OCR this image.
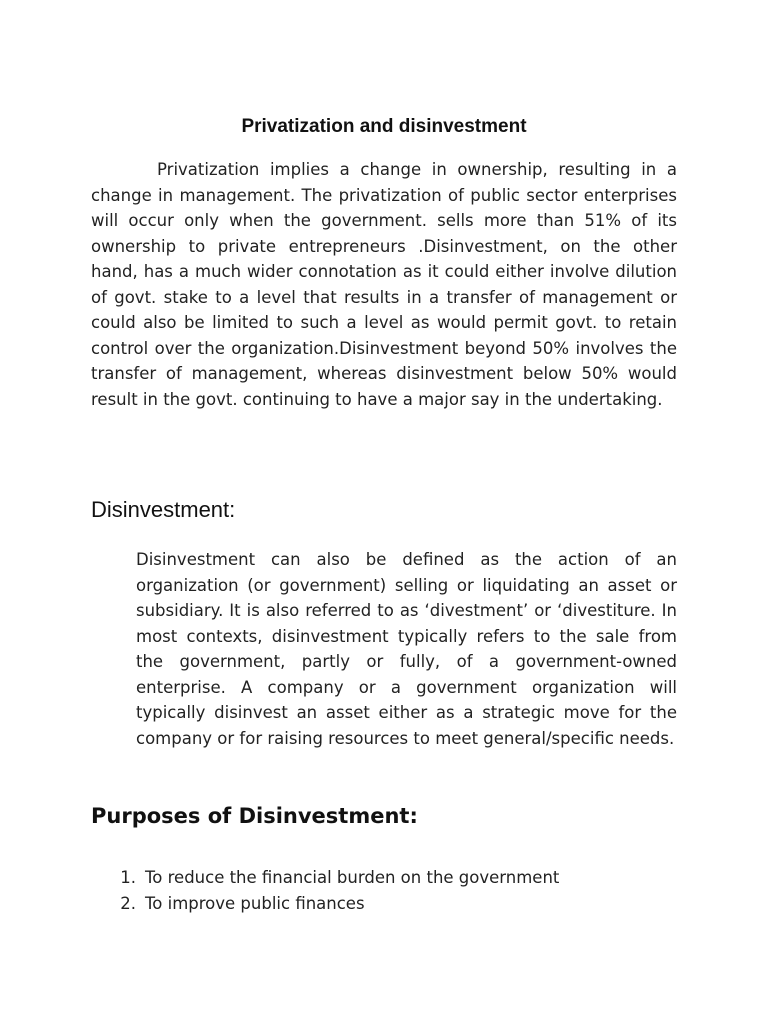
Privatization and disinvestment

Privatization implies a change in ownership, resulting in a change in management. The privatization of public sector enterprises will occur only when the government. sells more than 51% of its ownership to private entrepreneurs .Disinvestment, on the other hand, has a much wider connotation as it could either involve dilution of govt. stake to a level that results in a transfer of management or could also be limited to such a level as would permit govt. to retain control over the organization.Disinvestment beyond 50% involves the transfer of management, whereas disinvestment below 50% would result in the govt. continuing to have a major say in the undertaking.

Disinvestment:

Disinvestment can also be defined as the action of an organization (or government) selling or liquidating an asset or subsidiary. It is also referred to as ‘divestment’ or ‘divestiture. In most contexts, disinvestment typically refers to the sale from the government, partly or fully, of a government-owned enterprise. A company or a government organization will typically disinvest an asset either as a strategic move for the company or for raising resources to meet general/specific needs.

Purposes of Disinvestment:
1. To reduce the financial burden on the government
2. To improve public finances
